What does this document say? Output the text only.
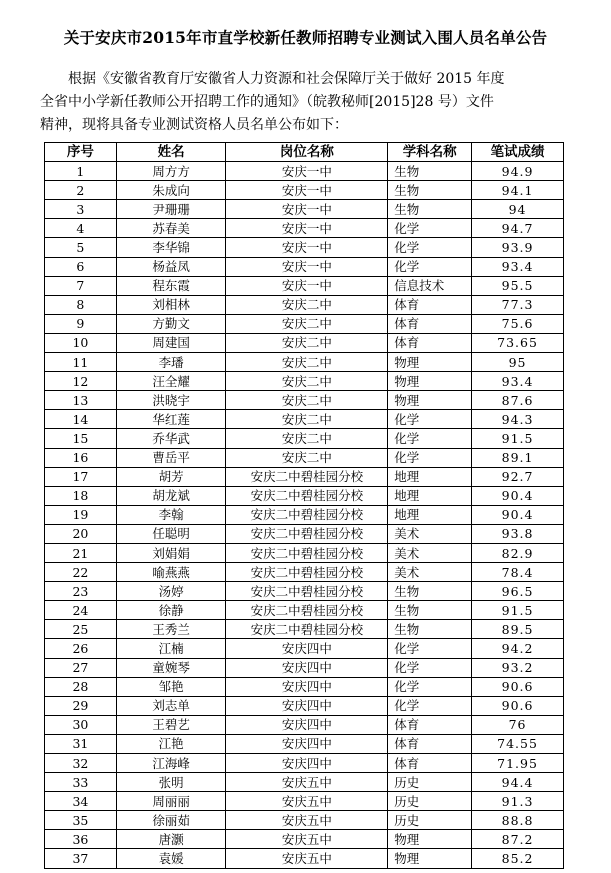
关于安庆市2015年市直学校新任教师招聘专业测试入围人员名单公告

根据《安徽省教育厅安徽省人力资源和社会保障厅关于做好 2015 年度

全省中小学新任教师公开招聘工作的通知》（皖教秘师[2015]28 号）文件

精神，现将具备专业测试资格人员名单公布如下：

序号	姓名	岗位名称	学科名称	笔试成绩
1	周方方	安庆一中	生物	94.9
2	朱成向	安庆一中	生物	94.1
3	尹珊珊	安庆一中	生物	94
4	苏春美	安庆一中	化学	94.7
5	李华锦	安庆一中	化学	93.9
6	杨益凤	安庆一中	化学	93.4
7	程东霞	安庆一中	信息技术	95.5
8	刘相林	安庆二中	体育	77.3
9	方勤文	安庆二中	体育	75.6
10	周建国	安庆二中	体育	73.65
11	李璠	安庆二中	物理	95
12	汪全耀	安庆二中	物理	93.4
13	洪晓宇	安庆二中	物理	87.6
14	华红莲	安庆二中	化学	94.3
15	乔华武	安庆二中	化学	91.5
16	曹岳平	安庆二中	化学	89.1
17	胡芳	安庆二中碧桂园分校	地理	92.7
18	胡龙斌	安庆二中碧桂园分校	地理	90.4
19	李翰	安庆二中碧桂园分校	地理	90.4
20	任聪明	安庆二中碧桂园分校	美术	93.8
21	刘娟娟	安庆二中碧桂园分校	美术	82.9
22	喻燕燕	安庆二中碧桂园分校	美术	78.4
23	汤婷	安庆二中碧桂园分校	生物	96.5
24	徐静	安庆二中碧桂园分校	生物	91.5
25	王秀兰	安庆二中碧桂园分校	生物	89.5
26	江楠	安庆四中	化学	94.2
27	童婉琴	安庆四中	化学	93.2
28	邹艳	安庆四中	化学	90.6
29	刘志单	安庆四中	化学	90.6
30	王碧艺	安庆四中	体育	76
31	江艳	安庆四中	体育	74.55
32	江海峰	安庆四中	体育	71.95
33	张明	安庆五中	历史	94.4
34	周丽丽	安庆五中	历史	91.3
35	徐丽茹	安庆五中	历史	88.8
36	唐灏	安庆五中	物理	87.2
37	袁媛	安庆五中	物理	85.2
